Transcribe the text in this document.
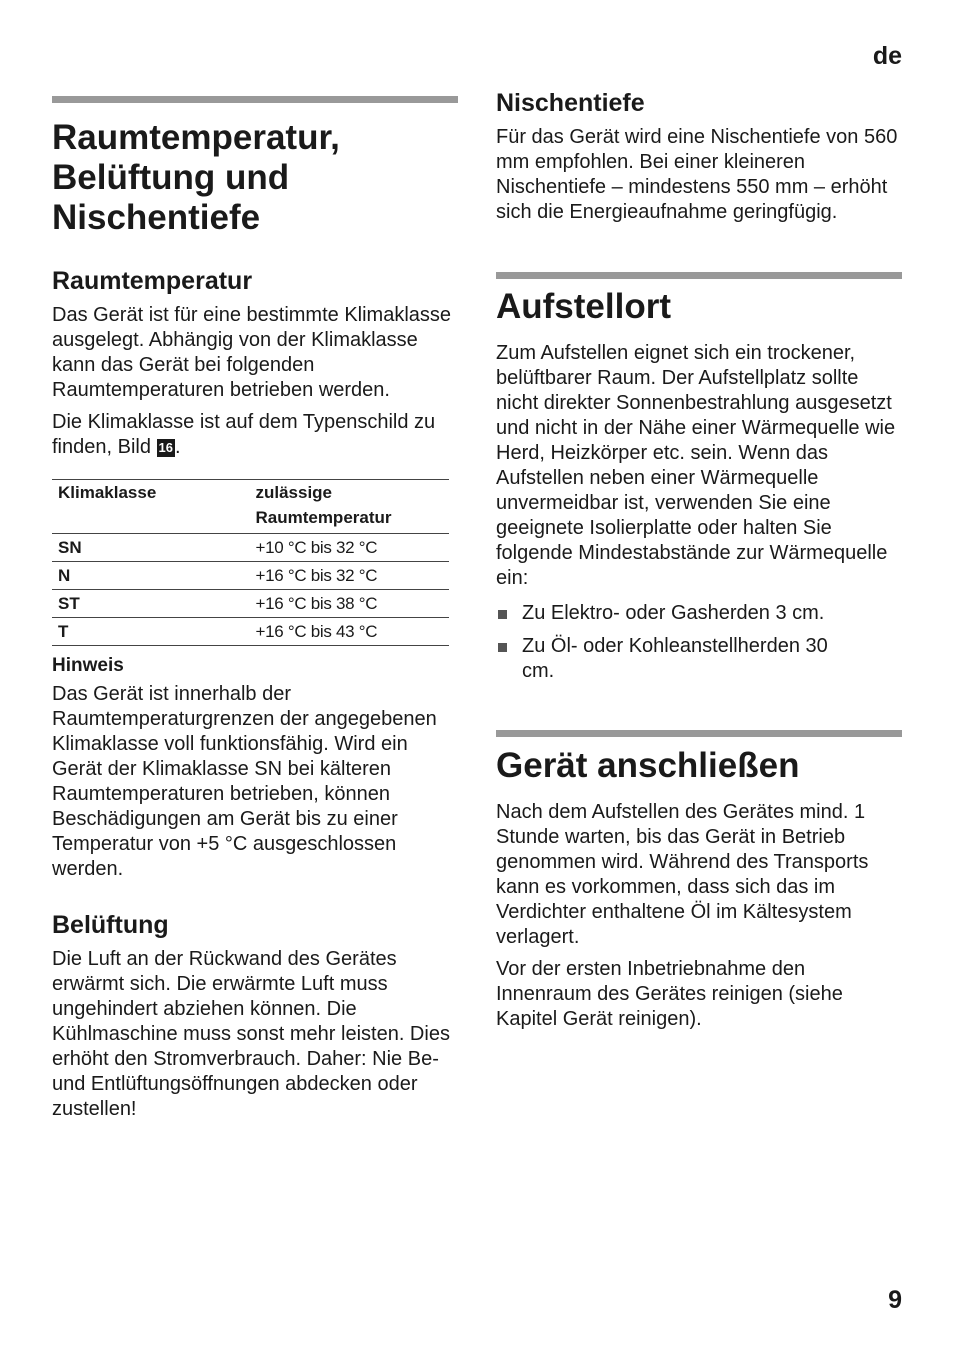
de
Raumtemperatur, Belüftung und Nischentiefe
Raumtemperatur

Das Gerät ist für eine bestimmte Klimaklasse ausgelegt. Abhängig von der Klimaklasse kann das Gerät bei folgenden Raumtemperaturen betrieben werden.

Die Klimaklasse ist auf dem Typenschild zu finden, Bild 16 .

Klimaklasse	zulässige Raumtemperatur
SN	+10 °C bis 32 °C
N	+16 °C bis 32 °C
ST	+16 °C bis 38 °C
T	+16 °C bis 43 °C
Hinweis

Das Gerät ist innerhalb der Raumtemperaturgrenzen der angegebenen Klimaklasse voll funktionsfähig. Wird ein Gerät der Klimaklasse SN bei kälteren Raumtemperaturen betrieben, können Beschädigungen am Gerät bis zu einer Temperatur von +5 °C ausgeschlossen werden.

Belüftung

Die Luft an der Rückwand des Gerätes erwärmt sich. Die erwärmte Luft muss ungehindert abziehen können. Die Kühlmaschine muss sonst mehr leisten. Dies erhöht den Stromverbrauch. Daher: Nie Be- und Entlüftungsöffnungen abdecken oder zustellen!

Nischentiefe

Für das Gerät wird eine Nischentiefe von 560 mm empfohlen. Bei einer kleineren Nischentiefe – mindestens 550 mm – erhöht sich die Energieaufnahme geringfügig.

Aufstellort

Zum Aufstellen eignet sich ein trockener, belüftbarer Raum. Der Aufstellplatz sollte nicht direkter Sonnenbestrahlung ausgesetzt und nicht in der Nähe einer Wärmequelle wie Herd, Heizkörper etc. sein. Wenn das Aufstellen neben einer Wärmequelle unvermeidbar ist, verwenden Sie eine geeignete Isolierplatte oder halten Sie folgende Mindestabstände zur Wärmequelle ein:

Zu Elektro- oder Gasherden 3 cm.
Zu Öl- oder Kohleanstellherden 30 cm.
Gerät anschließen

Nach dem Aufstellen des Gerätes mind. 1 Stunde warten, bis das Gerät in Betrieb genommen wird. Während des Transports kann es vorkommen, dass sich das im Verdichter enthaltene Öl im Kältesystem verlagert.

Vor der ersten Inbetriebnahme den Innenraum des Gerätes reinigen (siehe Kapitel Gerät reinigen).

9
